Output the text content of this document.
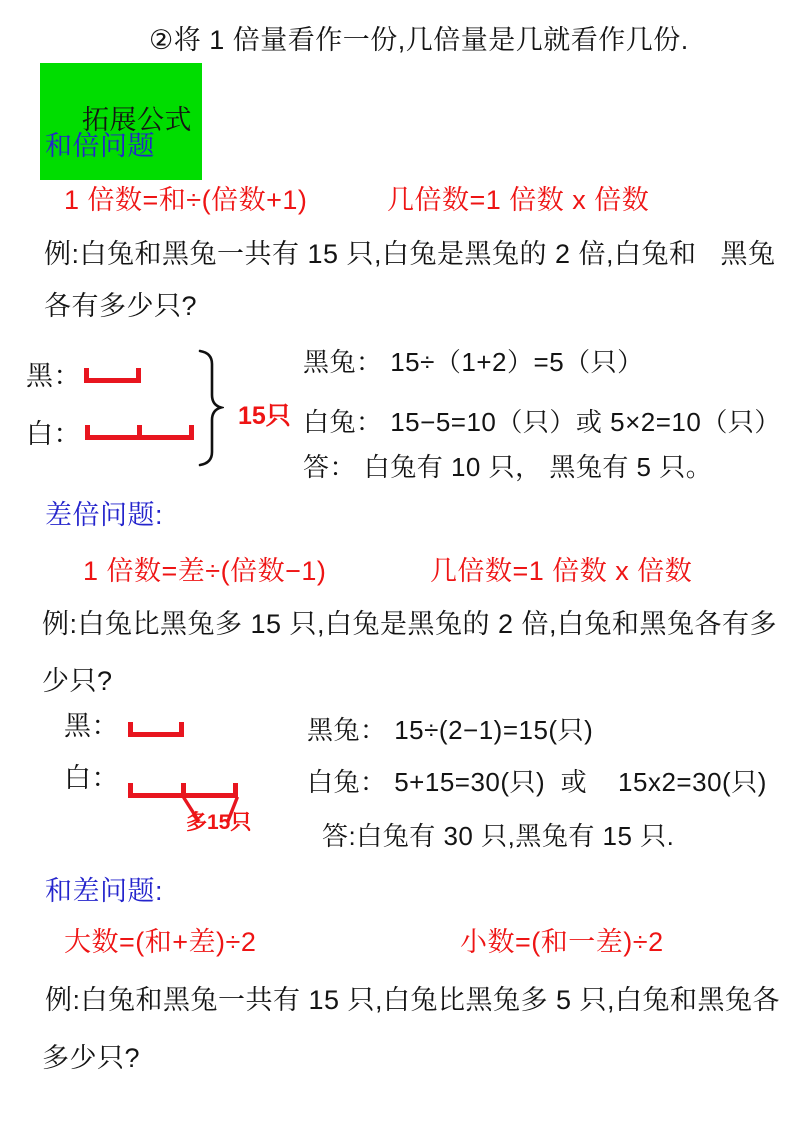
②将 1 倍量看作一份,几倍量是几就看作几份.

拓展公式

和倍问题
1 倍数=和÷(倍数+1)	几倍数=1 倍数 x 倍数
例:白兔和黑兔一共有 15 只,白兔是黑兔的 2 倍,白兔和   黑兔
各有多少只?
黑：
白：
15只
黑兔： 15÷（1+2）=5（只）
白兔： 15−5=10（只）或 5×2=10（只）
答： 白兔有 10 只， 黑兔有 5 只。
差倍问题:
1 倍数=差÷(倍数−1)	几倍数=1 倍数 x 倍数
例:白兔比黑兔多 15 只,白兔是黑兔的 2 倍,白兔和黑兔各有多
少只?
黑：
白：
多15只
黑兔： 15÷(2−1)=15(只)
白兔： 5+15=30(只)  或    15x2=30(只)
答:白兔有 30 只,黑兔有 15 只.
和差问题:
大数=(和+差)÷2	小数=(和一差)÷2
例:白兔和黑兔一共有 15 只,白兔比黑兔多 5 只,白兔和黑兔各
多少只?
